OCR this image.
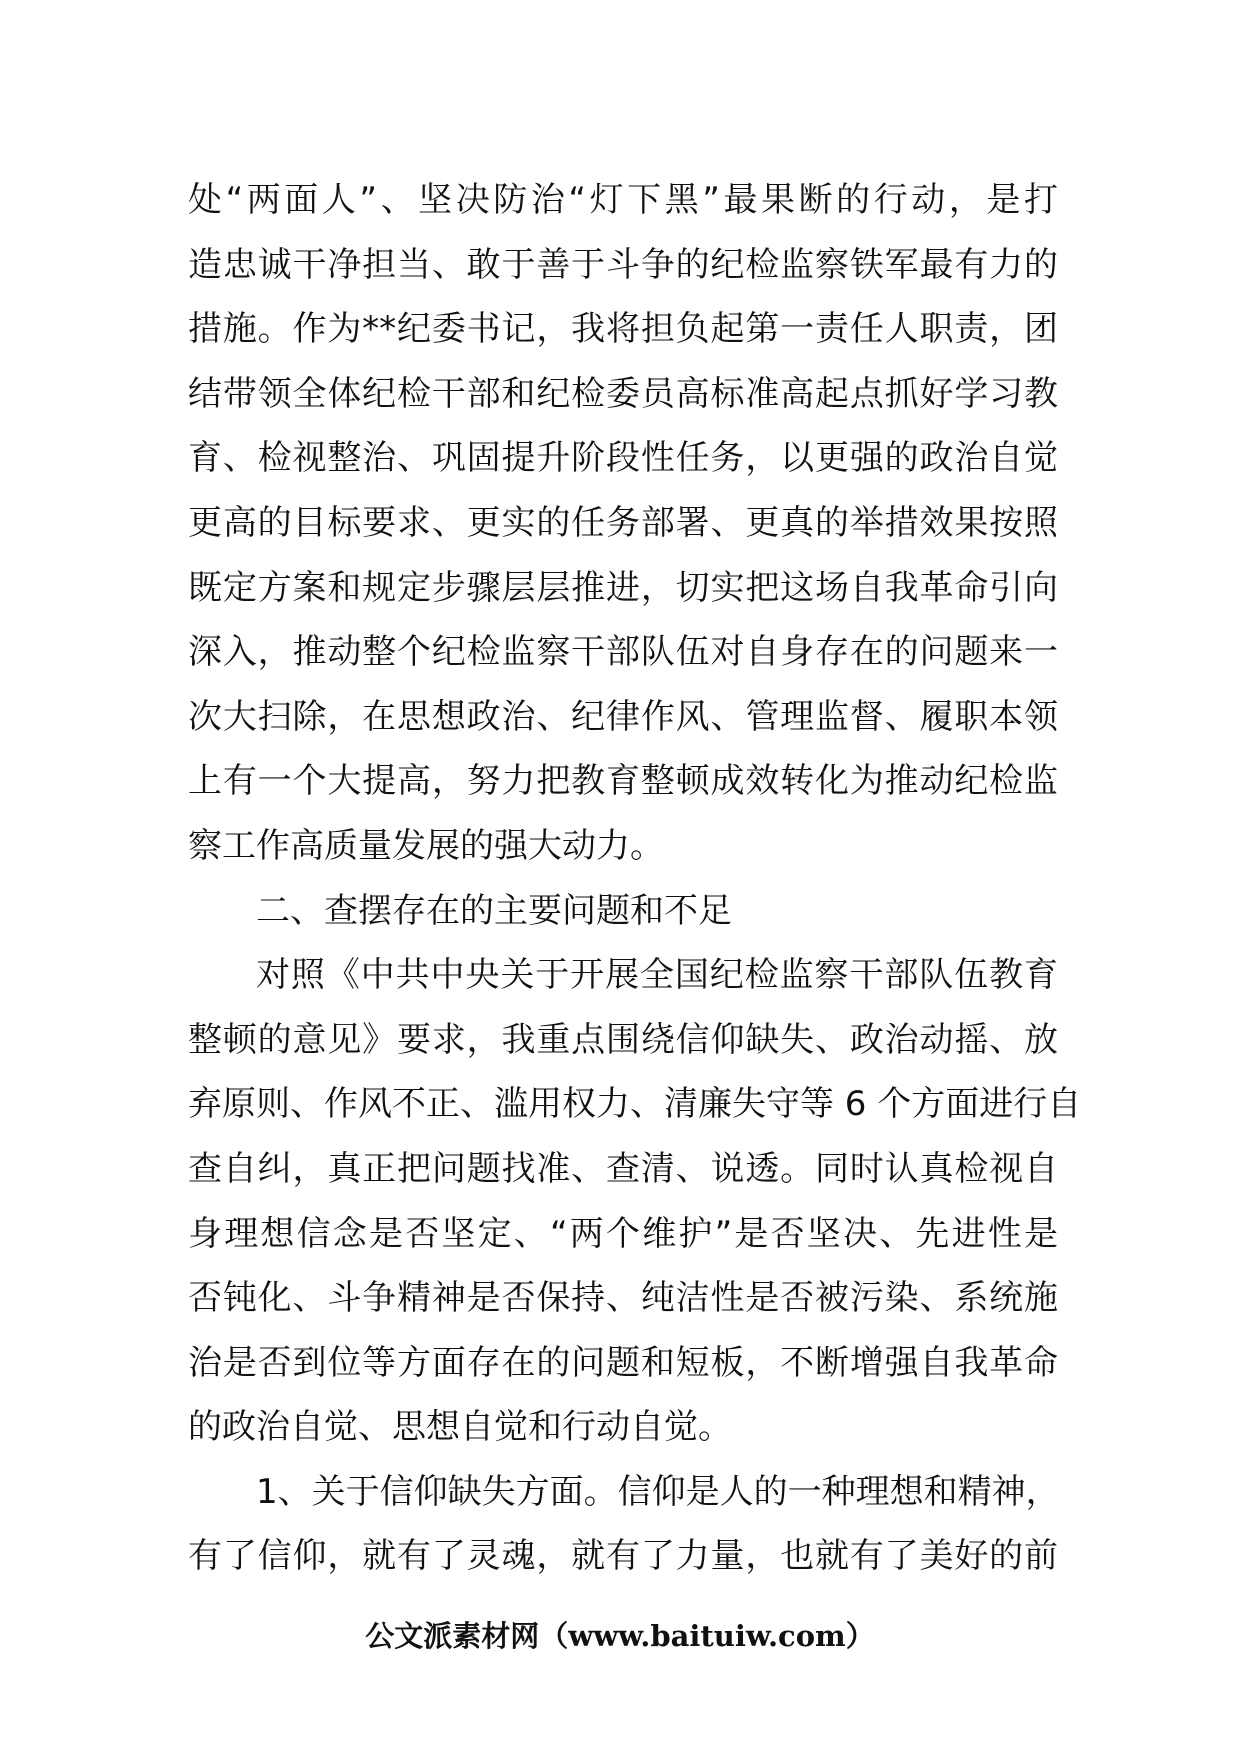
处“两面人”、坚决防治“灯下黑”最果断的行动，是打
造忠诚干净担当、敢于善于斗争的纪检监察铁军最有力的
措施。作为**纪委书记，我将担负起第一责任人职责，团
结带领全体纪检干部和纪检委员高标准高起点抓好学习教
育、检视整治、巩固提升阶段性任务，以更强的政治自觉
更高的目标要求、更实的任务部署、更真的举措效果按照
既定方案和规定步骤层层推进，切实把这场自我革命引向
深入，推动整个纪检监察干部队伍对自身存在的问题来一
次大扫除，在思想政治、纪律作风、管理监督、履职本领
上有一个大提高，努力把教育整顿成效转化为推动纪检监
察工作高质量发展的强大动力。
二、查摆存在的主要问题和不足
对照《中共中央关于开展全国纪检监察干部队伍教育
整顿的意见》要求，我重点围绕信仰缺失、政治动摇、放
弃原则、作风不正、滥用权力、清廉失守等 6 个方面进行自
查自纠，真正把问题找准、查清、说透。同时认真检视自
身理想信念是否坚定、“两个维护”是否坚决、先进性是
否钝化、斗争精神是否保持、纯洁性是否被污染、系统施
治是否到位等方面存在的问题和短板，不断增强自我革命
的政治自觉、思想自觉和行动自觉。
1、关于信仰缺失方面。信仰是人的一种理想和精神，
有了信仰，就有了灵魂，就有了力量，也就有了美好的前
公文派素材网（www.baituiw.com）
